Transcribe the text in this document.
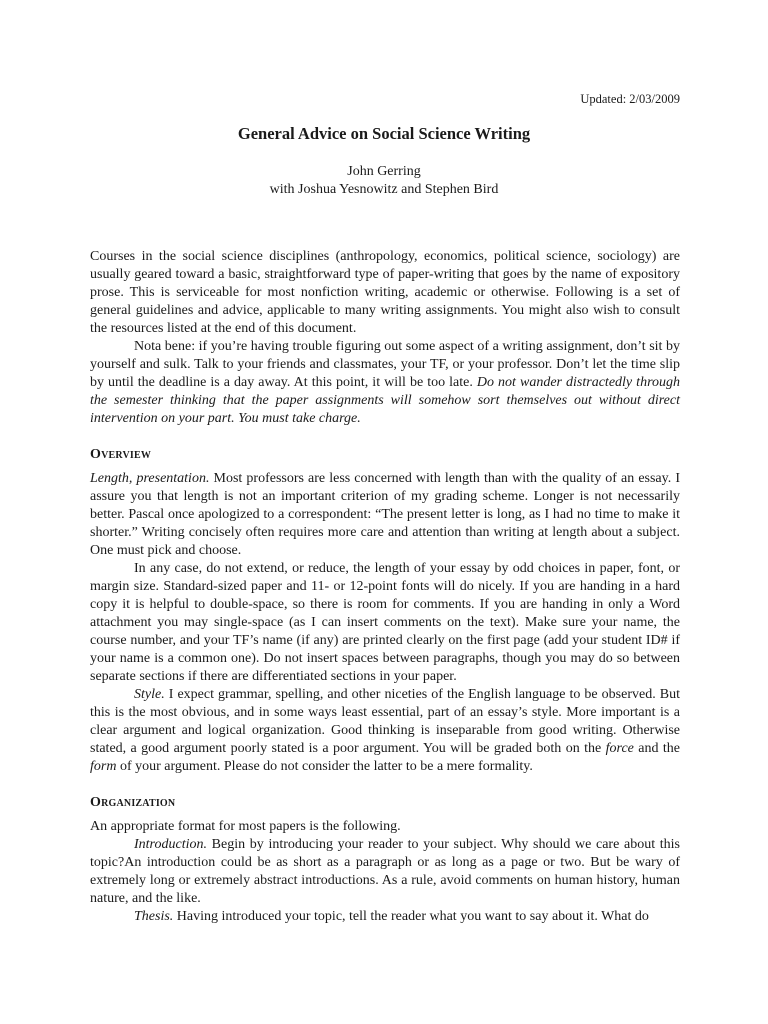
Updated: 2/03/2009
General Advice on Social Science Writing
John Gerring
with Joshua Yesnowitz and Stephen Bird

Courses in the social science disciplines (anthropology, economics, political science, sociology) are usually geared toward a basic, straightforward type of paper-writing that goes by the name of expository prose. This is serviceable for most nonfiction writing, academic or otherwise. Following is a set of general guidelines and advice, applicable to many writing assignments. You might also wish to consult the resources listed at the end of this document.

Nota bene: if you’re having trouble figuring out some aspect of a writing assignment, don’t sit by yourself and sulk. Talk to your friends and classmates, your TF, or your professor. Don’t let the time slip by until the deadline is a day away. At this point, it will be too late. Do not wander distractedly through the semester thinking that the paper assignments will somehow sort themselves out without direct intervention on your part. You must take charge.

Overview

Length, presentation. Most professors are less concerned with length than with the quality of an essay. I assure you that length is not an important criterion of my grading scheme. Longer is not necessarily better. Pascal once apologized to a correspondent: “The present letter is long, as I had no time to make it shorter.” Writing concisely often requires more care and attention than writing at length about a subject. One must pick and choose.

In any case, do not extend, or reduce, the length of your essay by odd choices in paper, font, or margin size. Standard-sized paper and 11- or 12-point fonts will do nicely. If you are handing in a hard copy it is helpful to double-space, so there is room for comments. If you are handing in only a Word attachment you may single-space (as I can insert comments on the text). Make sure your name, the course number, and your TF’s name (if any) are printed clearly on the first page (add your student ID# if your name is a common one). Do not insert spaces between paragraphs, though you may do so between separate sections if there are differentiated sections in your paper.

Style. I expect grammar, spelling, and other niceties of the English language to be observed. But this is the most obvious, and in some ways least essential, part of an essay’s style. More important is a clear argument and logical organization. Good thinking is inseparable from good writing. Otherwise stated, a good argument poorly stated is a poor argument. You will be graded both on the force and the form of your argument. Please do not consider the latter to be a mere formality.

Organization

An appropriate format for most papers is the following.

Introduction. Begin by introducing your reader to your subject. Why should we care about this topic?An introduction could be as short as a paragraph or as long as a page or two. But be wary of extremely long or extremely abstract introductions. As a rule, avoid comments on human history, human nature, and the like.

Thesis. Having introduced your topic, tell the reader what you want to say about it. What do
